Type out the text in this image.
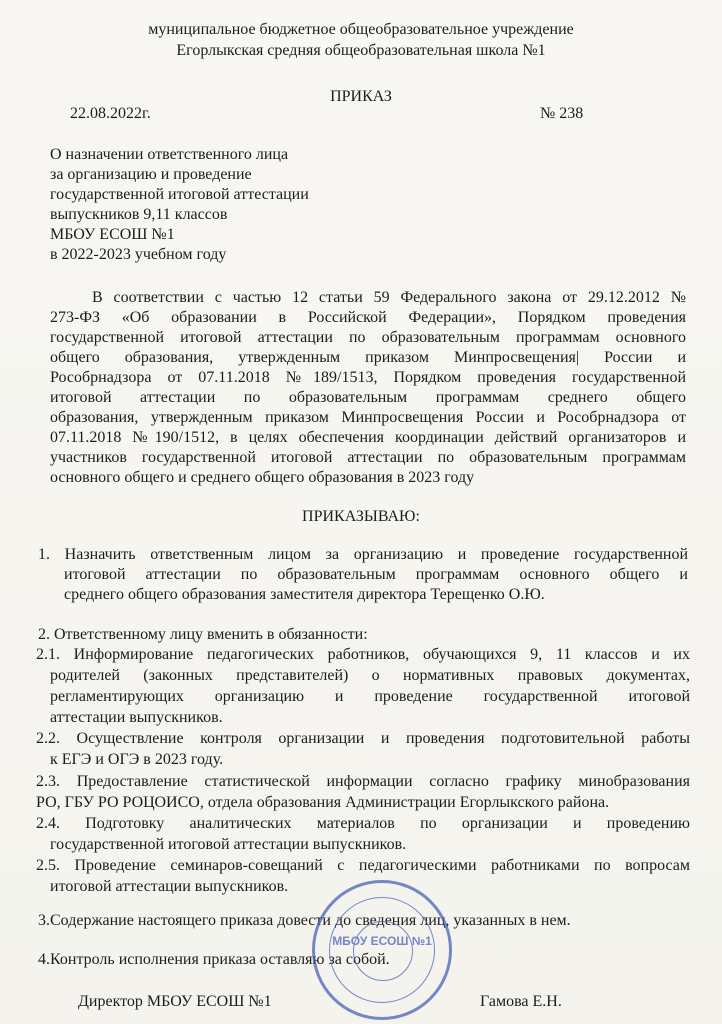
муниципальное бюджетное общеобразовательное учреждение
Егорлыкская средняя общеобразовательная школа №1
ПРИКАЗ
22.08.2022г.	№ 238
О назначении ответственного лица
за организацию и проведение
государственной итоговой аттестации
выпускников 9,11 классов
МБОУ ЕСОШ №1
в 2022-2023 учебном году
В соответствии с частью 12 статьи 59 Федерального закона от 29.12.2012 №
273-ФЗ «Об образовании в Российской Федерации», Порядком проведения
государственной итоговой аттестации по образовательным программам основного
общего образования, утвержденным приказом Минпросвещения| России и
Рособрнадзора от 07.11.2018 №189/1513, Порядком проведения государственной
итоговой аттестации по образовательным программам среднего общего
образования, утвержденным приказом Минпросвещения России и Рособрнадзора от
07.11.2018 №190/1512, в целях обеспечения координации действий организаторов и
участников государственной итоговой аттестации по образовательным программам
основного общего и среднего общего образования в 2023 году
ПРИКАЗЫВАЮ:
1. Назначить ответственным лицом за организацию и проведение государственной
итоговой аттестации по образовательным программам основного общего и
среднего общего образования заместителя директора Терещенко О.Ю.
2. Ответственному лицу вменить в обязанности:
2.1. Информирование педагогических работников, обучающихся 9, 11 классов и их
родителей (законных представителей) о нормативных правовых документах,
регламентирующих организацию и проведение государственной итоговой
аттестации выпускников.
2.2. Осуществление контроля организации и проведения подготовительной работы
к ЕГЭ и ОГЭ в 2023 году.
2.3. Предоставление статистической информации согласно графику минобразования
РО, ГБУ РО РОЦОИСО, отдела образования Администрации Егорлыкского района.
2.4. Подготовку аналитических материалов по организации и проведению
государственной итоговой аттестации выпускников.
2.5. Проведение семинаров-совещаний с педагогическими работниками по вопросам
итоговой аттестации выпускников.
3.Содержание настоящего приказа довести до сведения лиц, указанных в нем.
4.Контроль исполнения приказа оставляю за собой.
Директор МБОУ ЕСОШ №1	Гамова Е.Н.
МБОУ ЕСОШ №1
